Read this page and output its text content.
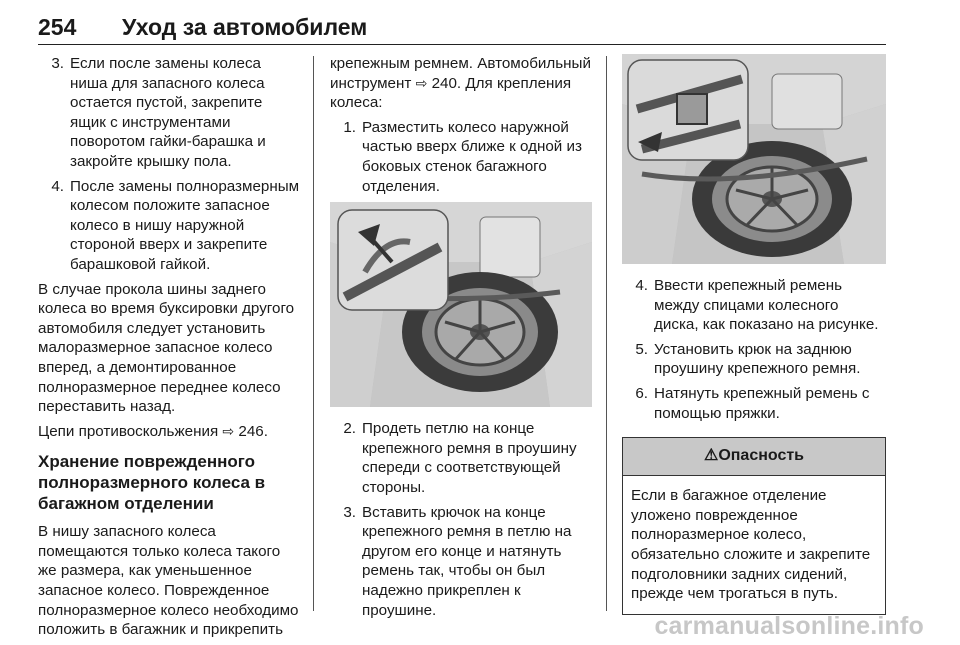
254 Уход за автомобилем
3. Если после замены колеса ниша для запасного колеса остается пустой, закрепите ящик с инструментами поворотом гайки-барашка и закройте крышку пола.
4. После замены полноразмерным колесом положите запасное колесо в нишу наружной стороной вверх и закрепите барашковой гайкой.

В случае прокола шины заднего колеса во время буксировки другого автомобиля следует установить малоразмерное запасное колесо вперед, а демонтированное полноразмерное переднее колесо переставить назад.

Цепи противоскольжения ⇨ 246.

Хранение поврежденного полноразмерного колеса в багажном отделении

В нишу запасного колеса помещаются только колеса такого же размера, как уменьшенное запасное колесо. Поврежденное полноразмерное колесо необходимо положить в багажник и прикрепить

крепежным ремнем. Автомобильный инструмент ⇨ 240. Для крепления колеса:

1. Разместить колесо наружной частью вверх ближе к одной из боковых стенок багажного отделения.
2. Продеть петлю на конце крепежного ремня в проушину спереди с соответствующей стороны.
3. Вставить крючок на конце крепежного ремня в петлю на другом его конце и натянуть ремень так, чтобы он был надежно прикреплен к проушине.
4. Ввести крепежный ремень между спицами колесного диска, как показано на рисунке.
5. Установить крюк на заднюю проушину крепежного ремня.
6. Натянуть крепежный ремень с помощью пряжки.
⚠Опасность
Если в багажное отделение уложено поврежденное полноразмерное колесо, обязательно сложите и закрепите подголовники задних сидений, прежде чем трогаться в путь.
carmanualsonline.info
